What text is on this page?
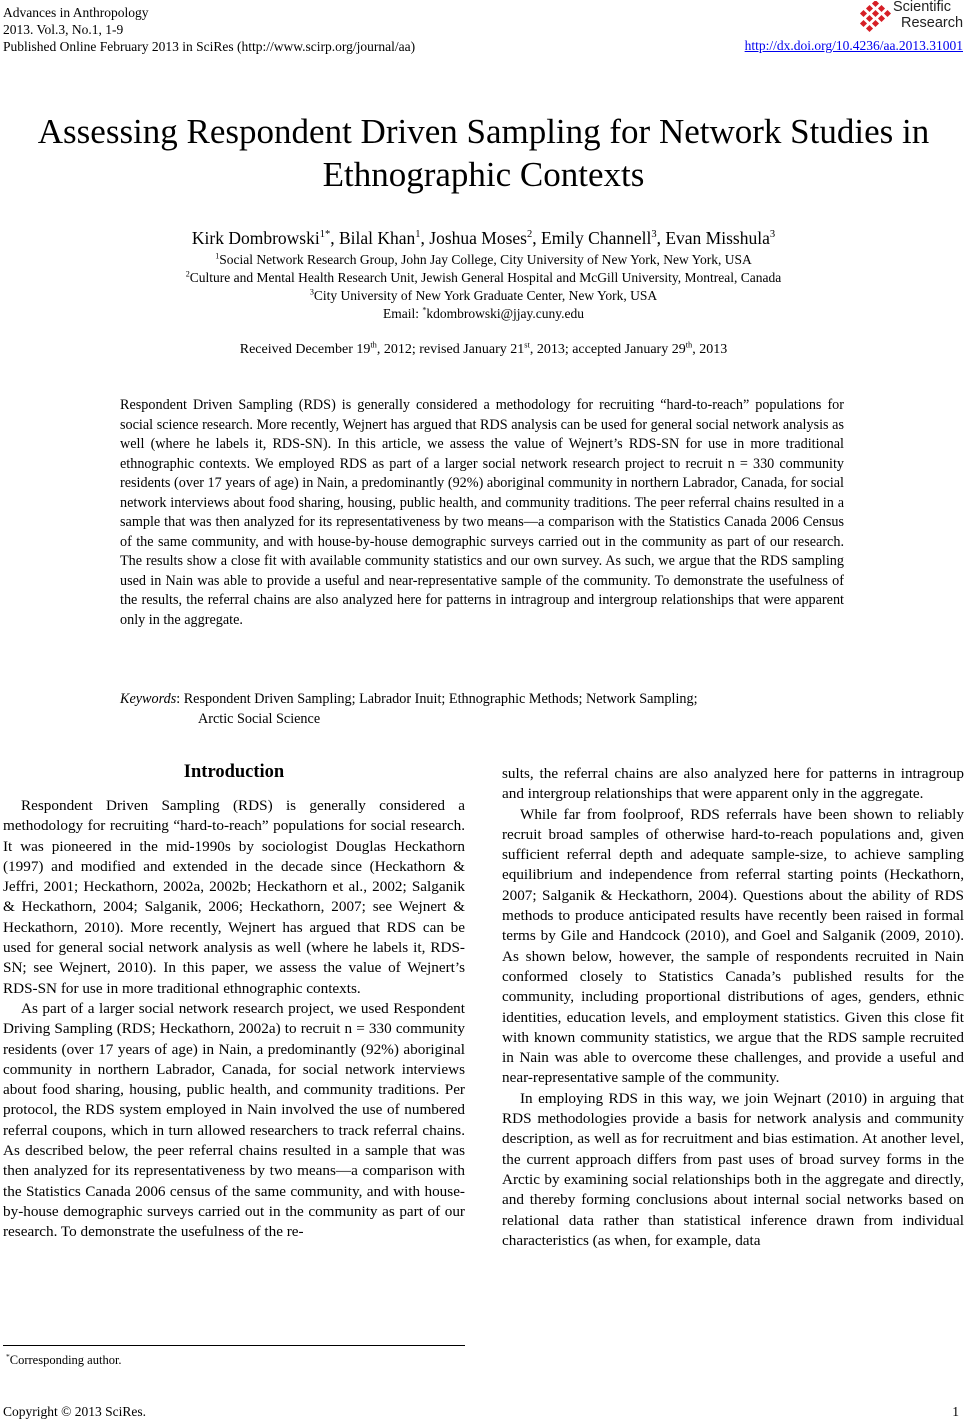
Advances in Anthropology
2013. Vol.3, No.1, 1-9
Published Online February 2013 in SciRes (http://www.scirp.org/journal/aa)
Scientific
Research
http://dx.doi.org/10.4236/aa.2013.31001
Assessing Respondent Driven Sampling for Network Studies in
Ethnographic Contexts
Kirk Dombrowski$^{1*}$, Bilal Khan$^1$, Joshua Moses$^2$, Emily Channell$^3$, Evan Misshula$^3$
$^1$Social Network Research Group, John Jay College, City University of New York, New York, USA
$^2$Culture and Mental Health Research Unit, Jewish General Hospital and McGill University, Montreal, Canada
$^3$City University of New York Graduate Center, New York, USA
Email: *kdombrowski@jjay.cuny.edu
Received December 19th, 2012; revised January 21st, 2013; accepted January 29th, 2013
Respondent Driven Sampling (RDS) is generally considered a methodology for recruiting “hard-to-reach” populations for social science research. More recently, Wejnert has argued that RDS analysis can be used for general social network analysis as well (where he labels it, RDS-SN). In this article, we assess the value of Wejnert’s RDS-SN for use in more traditional ethnographic contexts. We employed RDS as part of a larger social network research project to recruit n = 330 community residents (over 17 years of age) in Nain, a predominantly (92%) aboriginal community in northern Labrador, Canada, for social network interviews about food sharing, housing, public health, and community traditions. The peer referral chains resulted in a sample that was then analyzed for its representativeness by two means—a comparison with the Statistics Canada 2006 Census of the same community, and with house-by-house demographic surveys carried out in the community as part of our research. The results show a close fit with available community statistics and our own survey. As such, we argue that the RDS sampling used in Nain was able to provide a useful and near-representative sample of the community. To demonstrate the usefulness of the results, the referral chains are also analyzed here for patterns in intragroup and intergroup relationships that were apparent only in the aggregate.
Keywords: Respondent Driven Sampling; Labrador Inuit; Ethnographic Methods; Network Sampling;
Arctic Social Science
Introduction

Respondent Driven Sampling (RDS) is generally considered a methodology for recruiting “hard-to-reach” populations for social research. It was pioneered in the mid-1990s by sociologist Douglas Heckathorn (1997) and modified and extended in the decade since (Heckathorn & Jeffri, 2001; Heckathorn, 2002a, 2002b; Heckathorn et al., 2002; Salganik & Heckathorn, 2004; Salganik, 2006; Heckathorn, 2007; see Wejnert & Heckathorn, 2010). More recently, Wejnert has argued that RDS can be used for general social network analysis as well (where he labels it, RDS-SN; see Wejnert, 2010). In this paper, we assess the value of Wejnert’s RDS-SN for use in more traditional ethnographic contexts.

As part of a larger social network research project, we used Respondent Driving Sampling (RDS; Heckathorn, 2002a) to recruit n = 330 community residents (over 17 years of age) in Nain, a predominantly (92%) aboriginal community in northern Labrador, Canada, for social network interviews about food sharing, housing, public health, and community traditions. Per protocol, the RDS system employed in Nain involved the use of numbered referral coupons, which in turn allowed researchers to track referral chains. As described below, the peer referral chains resulted in a sample that was then analyzed for its representativeness by two means—a comparison with the Statistics Canada 2006 census of the same community, and with house-by-house demographic surveys carried out in the community as part of our research. To demonstrate the usefulness of the re-

*Corresponding author.

sults, the referral chains are also analyzed here for patterns in intragroup and intergroup relationships that were apparent only in the aggregate.

While far from foolproof, RDS referrals have been shown to reliably recruit broad samples of otherwise hard-to-reach populations and, given sufficient referral depth and adequate sample-size, to achieve sampling equilibrium and independence from referral starting points (Heckathorn, 2007; Salganik & Heckathorn, 2004). Questions about the ability of RDS methods to produce anticipated results have recently been raised in formal terms by Gile and Handcock (2010), and Goel and Salganik (2009, 2010). As shown below, however, the sample of respondents recruited in Nain conformed closely to Statistics Canada’s published results for the community, including proportional distributions of ages, genders, ethnic identities, education levels, and employment statistics. Given this close fit with known community statistics, we argue that the RDS sample recruited in Nain was able to overcome these challenges, and provide a useful and near-representative sample of the community.

In employing RDS in this way, we join Wejnart (2010) in arguing that RDS methodologies provide a basis for network analysis and community description, as well as for recruitment and bias estimation. At another level, the current approach differs from past uses of broad survey forms in the Arctic by examining social relationships both in the aggregate and directly, and thereby forming conclusions about internal social networks based on relational data rather than statistical inference drawn from individual characteristics (as when, for example, data

Copyright © 2013 SciRes.	1
